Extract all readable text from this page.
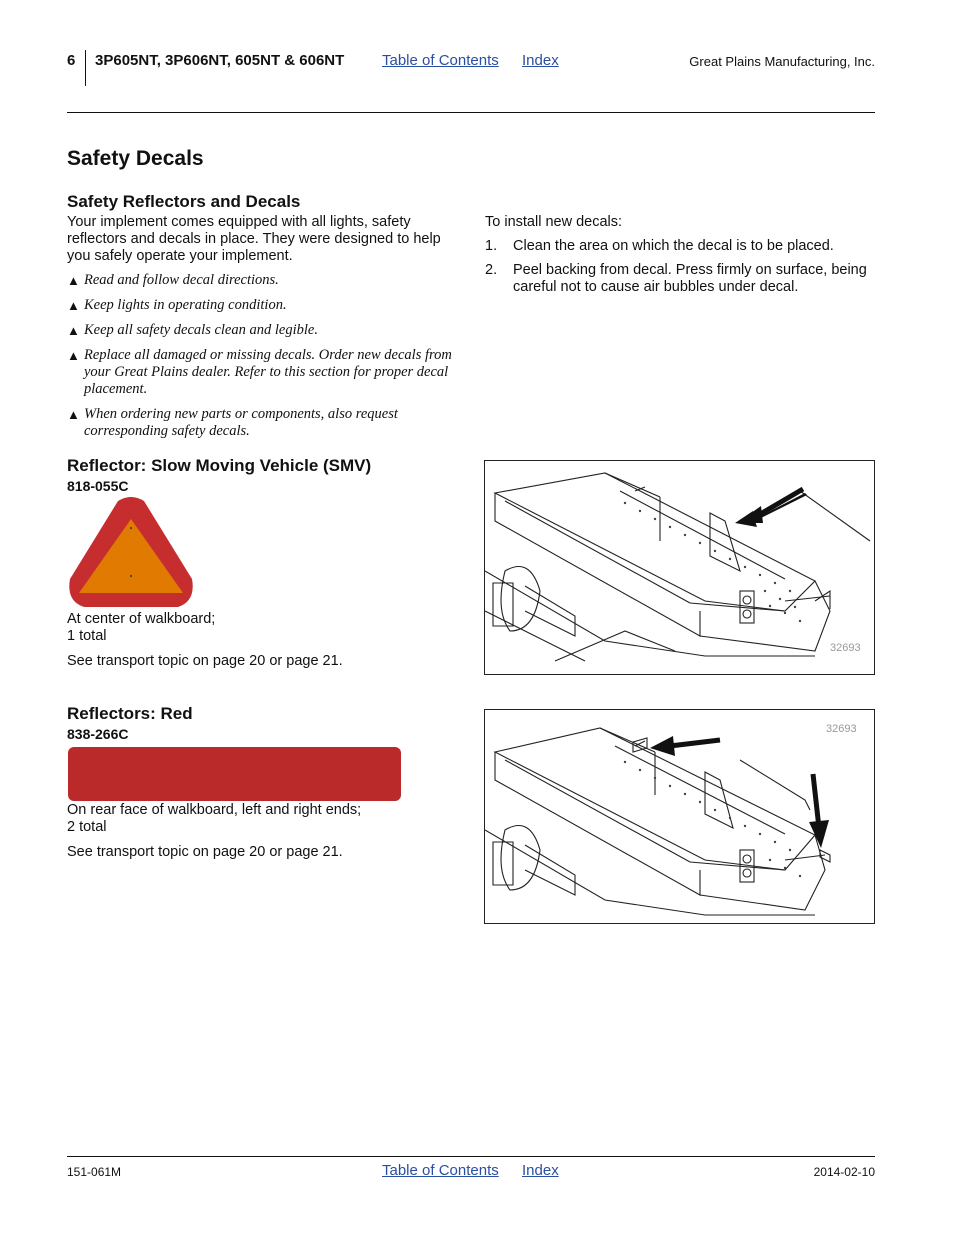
6 3P605NT, 3P606NT, 605NT & 606NT	Table of Contents Index	Great Plains Manufacturing, Inc.
Safety Decals
Safety Reflectors and Decals
Your implement comes equipped with all lights, safety reflectors and decals in place. They were designed to help you safely operate your implement.
▲ Read and follow decal directions.
▲ Keep lights in operating condition.
▲ Keep all safety decals clean and legible.
▲ Replace all damaged or missing decals. Order new decals from your Great Plains dealer. Refer to this section for proper decal placement.
▲ When ordering new parts or components, also request corresponding safety decals.
To install new decals:
1. Clean the area on which the decal is to be placed.
2. Peel backing from decal. Press firmly on surface, being careful not to cause air bubbles under decal.
Reflector: Slow Moving Vehicle (SMV)
818-055C
At center of walkboard;
1 total
See transport topic on page 20 or page 21.
32693
Reflectors: Red
838-266C
On rear face of walkboard, left and right ends;
2 total
See transport topic on page 20 or page 21.
32693
151-061M	Table of Contents Index	2014-02-10
